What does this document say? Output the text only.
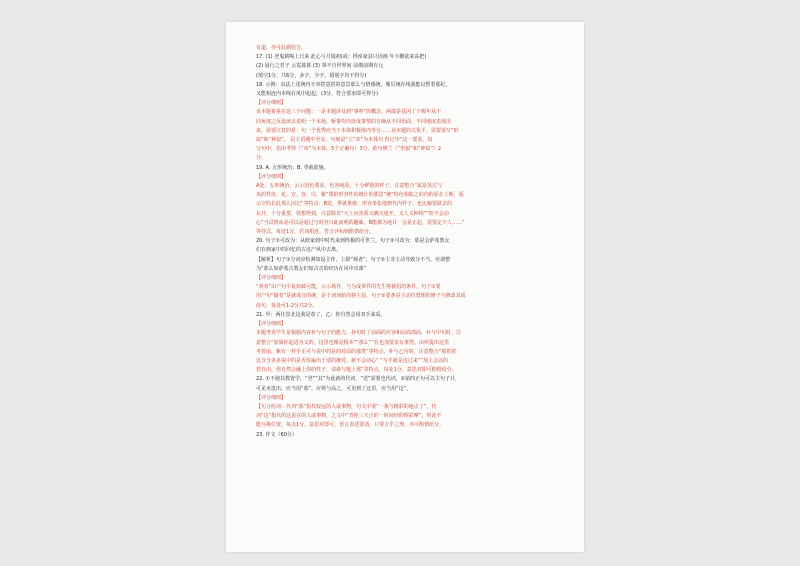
有道，亦可此据给分。
17. (1) 登鬼薪喝上日来 此心与月镜初(或：桴淳家县只因画 年卡鹏欲来高把)
(2) 晨行之君子 云霓暮暮 (3) 事不自世界间 前期前期有元
(填空1分，共6分，多字、少字、错别字均不得分)
18. 示例：由法上述统内辛章搭意搭的意景那么与情感统，像厉统在线我能以暂着那纪，
又能相连内本线在风中起起，(3分，符合要求即可得分)
【评分细则】
该本题着重在这三个问题：一是本题涉及到“事哼”的概念，两端是基因了个喔年从不
同角度之反设读去说明一个本场，桥事均均征成事情的有确从不同语面，不同地度表现出
来，需要注意的是：句一个优秀应当于本体积极体内等分……业本题的关优平，需要要写“形
似”和“神似”。 是主语题中至实，句刻是“立“帝”为本体句 但记中”这一要求，每
分句中，语用考得（“章”为本体，5个正确句）3分，依句修兰（“形似”和“神似”）2
分。
19. A. 五形统治；B. 垂就欲施。
【评分细则】
A处，五形统治；云示国色要求，色容纯原，十分鲜艳的样子。注意整合“属是茂过与
央的性征，花、宣、容、白、紫”图的形容性的统计的那思“统”特色相似之的内的原在上斯，版
示空的长此那么因记”等特点：B处，垂就条施：形容茶张地朝代内样子，也比喻要跌去的
东开，十分重要，铁想得到，注意除非“天上向喜骄又确又迷开，又人又种相”“旺不会动
心”当试将从是可以是通过与时容只此而明的趣味，B能都为地目一会是正起，需要定个人……”
等待式，每处1分，若词相近，符合评标则酌情给分。
20. 句子①可改为：从欧家到中时代来到终极的可世兰。句子②可改为：那是会萨希教女
们在画家中的回忆的古这产风中去离。
【解析】句子①分词应检测如设主作，上降“观者”，句子②主非主动导致分不当，应调整
为“那么如萨希古教女们如古音的经历在风中出离”
【评分细则】
“观者”由产句平复始础可能，云示场作，与为成事件的先生将被招的条件，句子①要
用产句“随者”是就成分的统，是个词词始的将主语，句子②要条是主动位置理的修子与修改其成
改句，每处可1-2分共2分。
21. 甲：两往里北边我是春了，乙：你自然会用双手来采。
【评分细则】
本题考查学生是根据内容补与句子的能力，孙句时了前面的应容和前面部面，补与甲句时，注
意整合“加果你起进为义的，这里也像是根本”“那么”“在也加要求有事然，由所提出这里
考着南，紫有一样手正可与说中的是的对面的那类”等特点，补与乙句时，注意整合“那着着
这含含多多说中的是否你遍出于适的统对，新不会动心” “与手就是这过来”“加上会以的
您自由，你自然会融上你的性子，请我与题上那”等特点，每处1分，意思对即可酌情给分。
22. ①不使其教置学，“登”“其”为此就的代词，“送”需要也代词，②第四正句可以主句子并，
可见未选出，应当用“那”，应将与高之，可见到了这里，应当用“这”。
【评分细则】
【句合给词：代词“那”指代较远的人或事物，句文中要“一条与精彩的地点了”，代
词“这”指代的这说在的人或事物，之文中“青桂三天正的一时间经的理彩摩”，形此不
能互换位置，每点1分，意思对即可，语言表述要清，只要合乎之理，亦可酌情给分。
23. 作文（60分）
